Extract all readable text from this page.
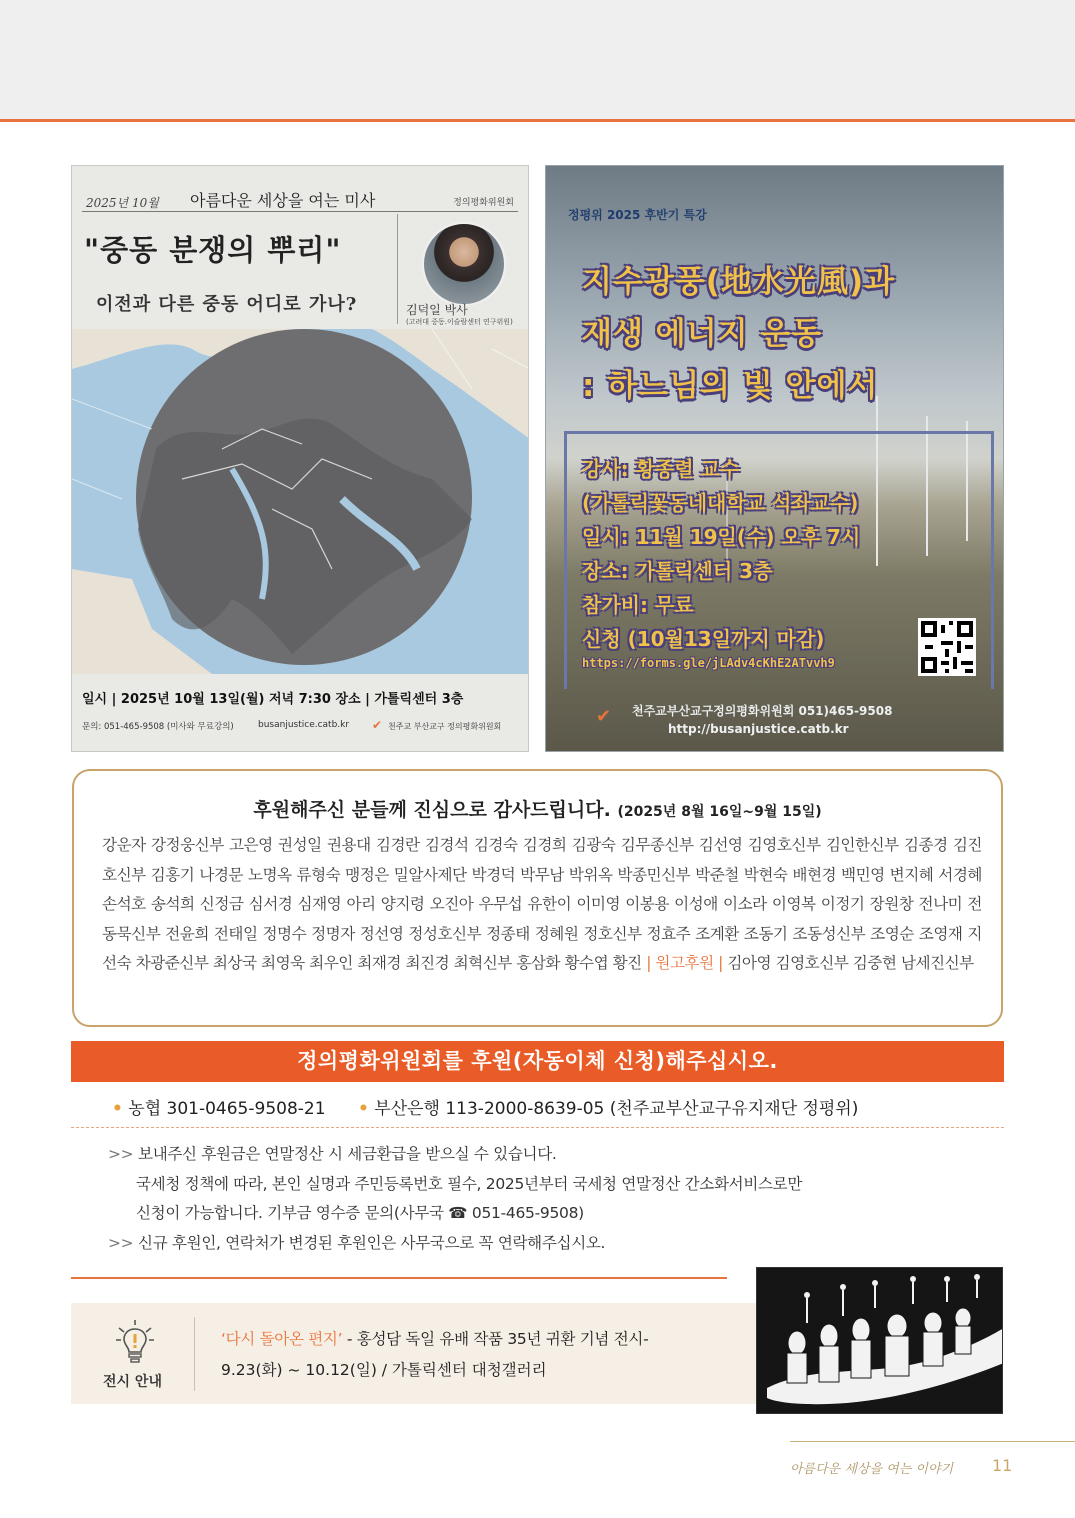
2025년 10월 아름다운 세상을 여는 미사	정의평화위원회
"중동 분쟁의 뿌리"
이전과 다른 중동 어디로 가나?	김덕일 박사
(고려대 중동.이슬람센터 연구위원)
일시 | 2025년 10월 13일(월) 저녁 7:30 장소 | 가톨릭센터 3층
문의: 051-465-9508 (미사와 무료강의)	busanjustice.catb.kr ✔ 천주교 부산교구 정의평화위원회
정평위 2025 후반기 특강
지수광풍(地水光風)과
재생 에너지 운동
: 하느님의 빛 안에서
강사: 황종렬 교수
(가톨릭꽃동네대학교 석좌교수)
일시: 11월 19일(수) 오후 7시
장소: 가톨릭센터 3층
참가비: 무료
신청 (10월13일까지 마감)
https://forms.gle/jLAdv4cKhE2ATvvh9
✔ 천주교부산교구정의평화위원회 051)465-9508
http://busanjustice.catb.kr
후원해주신 분들께 진심으로 감사드립니다. (2025년 8월 16일~9월 15일)
강운자 강정웅신부 고은영 권성일 권용대 김경란 김경석 김경숙 김경희 김광숙 김무종신부 김선영 김영호신부 김인한신부 김종경 김진호신부 김홍기 나경문 노명옥 류형숙 맹정은 밀알사제단 박경덕 박무남 박위옥 박종민신부 박준철 박현숙 배현경 백민영 변지혜 서경혜 손석호 송석희 신정금 심서경 심재영 아리 양지령 오진아 우무섭 유한이 이미영 이봉용 이성애 이소라 이영복 이정기 장원창 전나미 전동묵신부 전윤희 전태일 정명수 정명자 정선영 정성호신부 정종태 정혜원 정호신부 정효주 조계환 조동기 조동성신부 조영순 조영재 지선숙 차광준신부 최상국 최영욱 최우인 최재경 최진경 최혁신부 홍삼화 황수엽 황진 | 원고후원 | 김아영 김영호신부 김중현 남세진신부
정의평화위원회를 후원(자동이체 신청)해주십시오.
• 농협 301-0465-9508-21 • 부산은행 113-2000-8639-05 (천주교부산교구유지재단 정평위)
>> 보내주신 후원금은 연말정산 시 세금환급을 받으실 수 있습니다.
국세청 정책에 따라, 본인 실명과 주민등록번호 필수, 2025년부터 국세청 연말정산 간소화서비스로만
신청이 가능합니다. 기부금 영수증 문의(사무국 ☎ 051-465-9508)
>> 신규 후원인, 연락처가 변경된 후원인은 사무국으로 꼭 연락해주십시오.
전시 안내
‘다시 돌아온 편지’ - 홍성담 독일 유배 작품 35년 귀환 기념 전시-
9.23(화) ~ 10.12(일) / 가톨릭센터 대청갤러리
아름다운 세상을 여는 이야기 11
